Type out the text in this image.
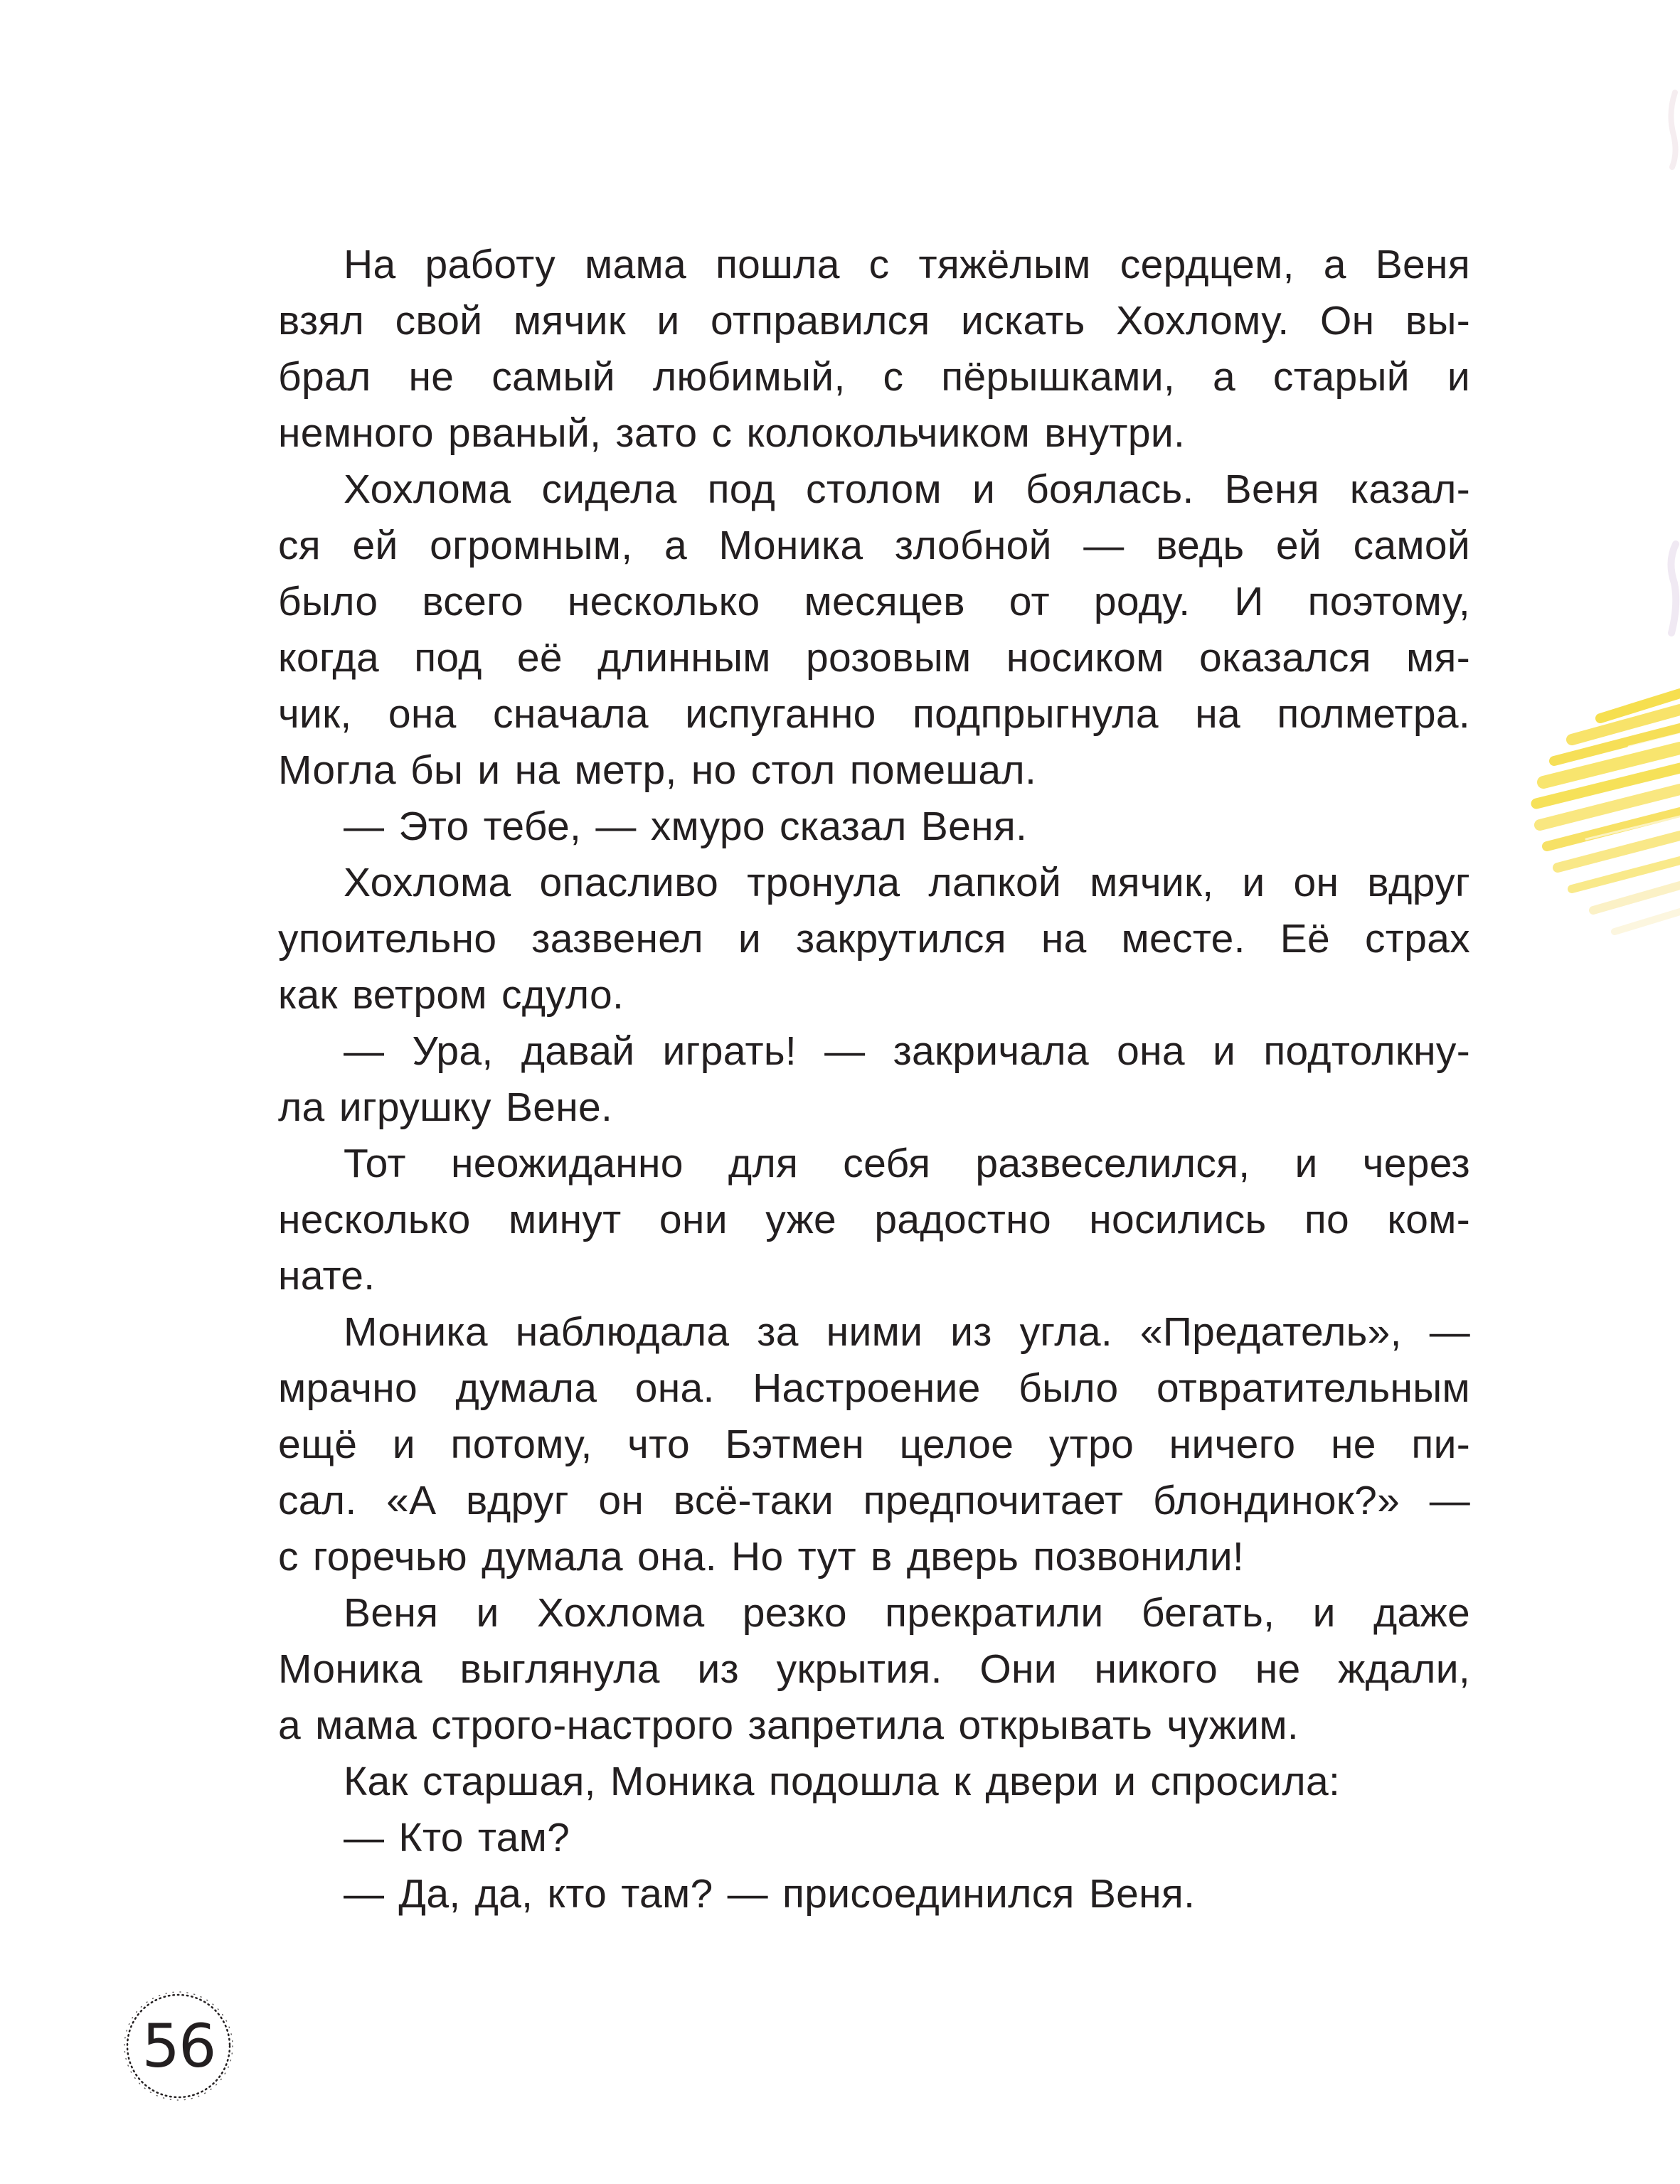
На работу мама пошла с тяжёлым сердцем, а Веня
взял свой мячик и отправился искать Хохлому. Он вы-
брал не самый любимый, с пёрышками, а старый и
немного рваный, зато с колокольчиком внутри.
Хохлома сидела под столом и боялась. Веня казал-
ся ей огромным, а Моника злобной — ведь ей самой
было всего несколько месяцев от роду. И поэтому,
когда под её длинным розовым носиком оказался мя-
чик, она сначала испуганно подпрыгнула на полметра.
Могла бы и на метр, но стол помешал.
— Это тебе, — хмуро сказал Веня.
Хохлома опасливо тронула лапкой мячик, и он вдруг
упоительно зазвенел и закрутился на месте. Её страх
как ветром сдуло.
— Ура, давай играть! — закричала она и подтолкну-
ла игрушку Вене.
Тот неожиданно для себя развеселился, и через
несколько минут они уже радостно носились по ком-
нате.
Моника наблюдала за ними из угла. «Предатель», —
мрачно думала она. Настроение было отвратительным
ещё и потому, что Бэтмен целое утро ничего не пи-
сал. «А вдруг он всё-таки предпочитает блондинок?» —
с горечью думала она. Но тут в дверь позвонили!
Веня и Хохлома резко прекратили бегать, и даже
Моника выглянула из укрытия. Они никого не ждали,
а мама строго-настрого запретила открывать чужим.
Как старшая, Моника подошла к двери и спросила:
— Кто там?
— Да, да, кто там? — присоединился Веня.
56
